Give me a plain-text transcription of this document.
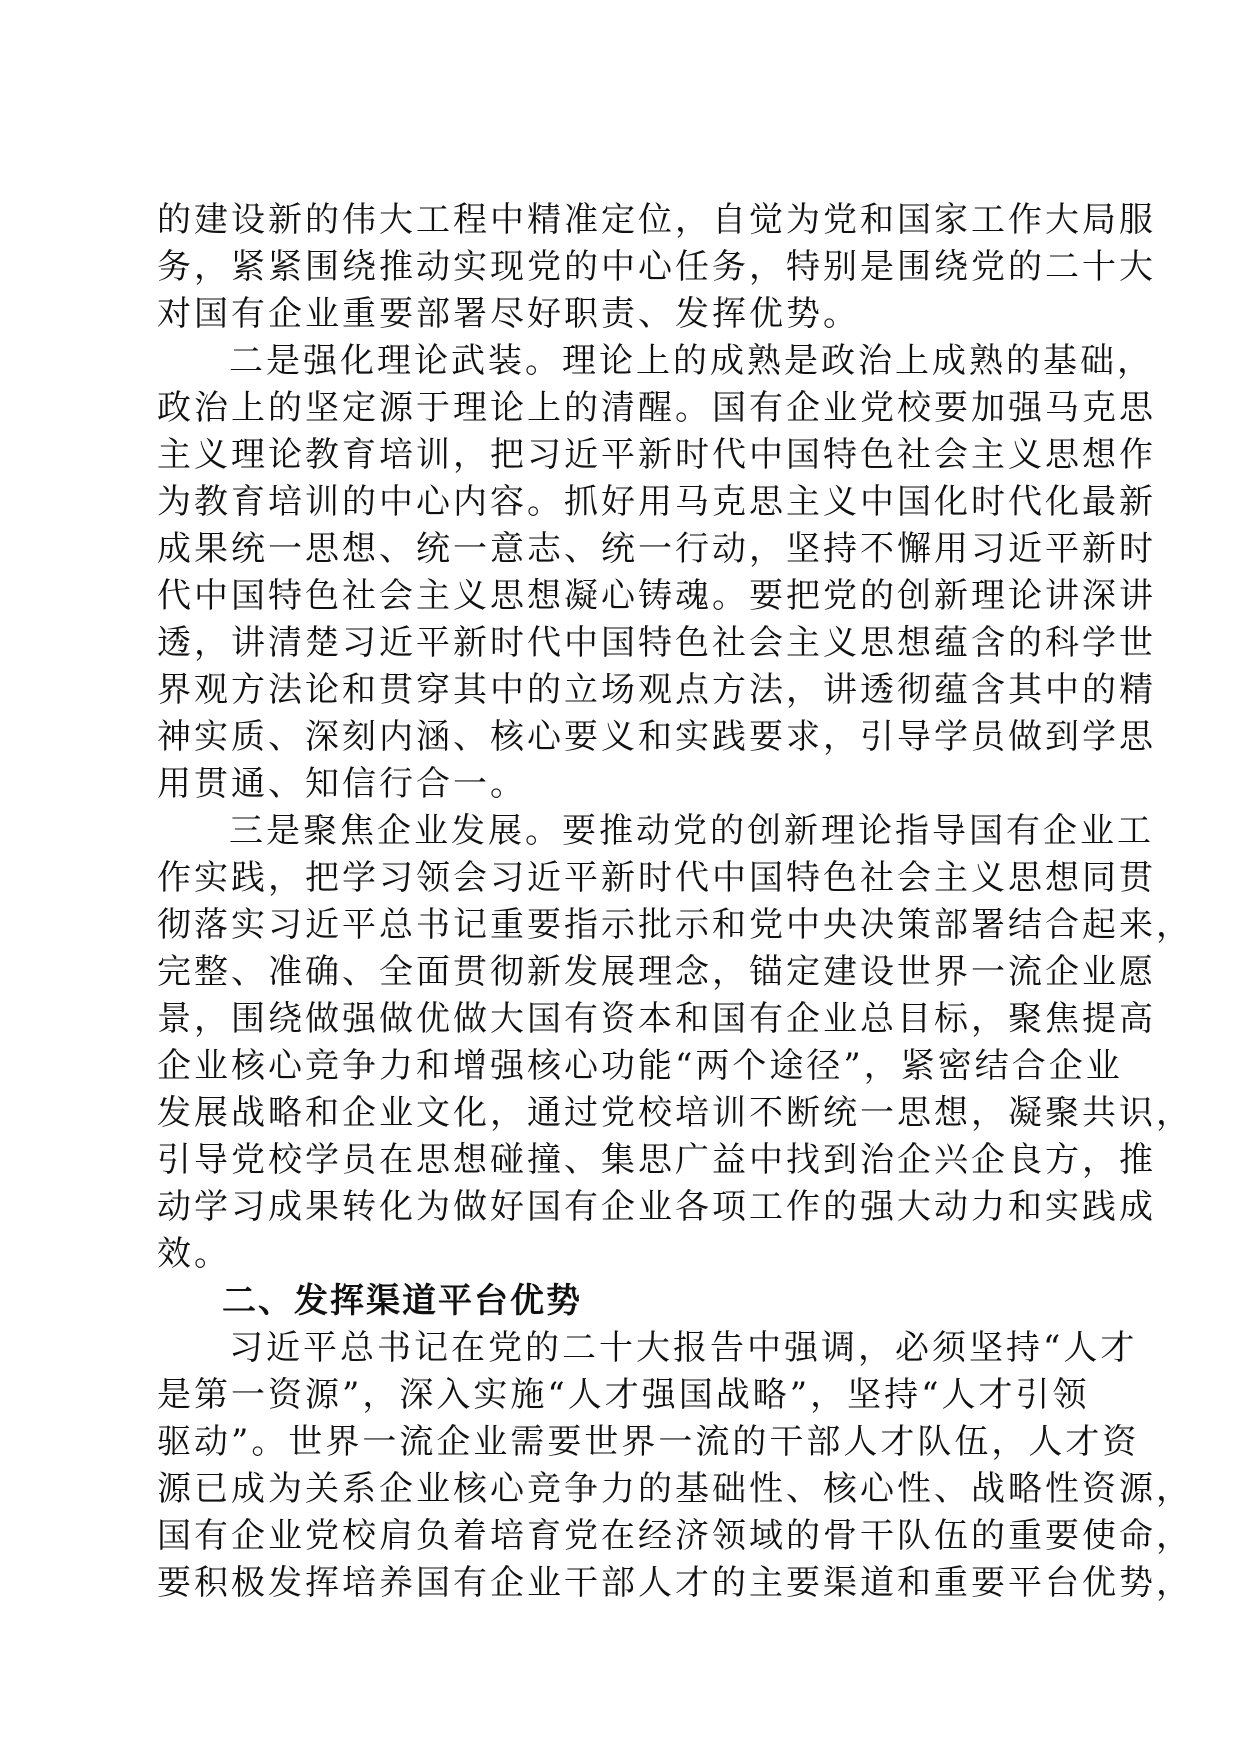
的建设新的伟大工程中精准定位，自觉为党和国家工作大局服
务，紧紧围绕推动实现党的中心任务，特别是围绕党的二十大
对国有企业重要部署尽好职责、发挥优势。
二是强化理论武装。理论上的成熟是政治上成熟的基础，
政治上的坚定源于理论上的清醒。国有企业党校要加强马克思
主义理论教育培训，把习近平新时代中国特色社会主义思想作
为教育培训的中心内容。抓好用马克思主义中国化时代化最新
成果统一思想、统一意志、统一行动，坚持不懈用习近平新时
代中国特色社会主义思想凝心铸魂。要把党的创新理论讲深讲
透，讲清楚习近平新时代中国特色社会主义思想蕴含的科学世
界观方法论和贯穿其中的立场观点方法，讲透彻蕴含其中的精
神实质、深刻内涵、核心要义和实践要求，引导学员做到学思
用贯通、知信行合一。
三是聚焦企业发展。要推动党的创新理论指导国有企业工
作实践，把学习领会习近平新时代中国特色社会主义思想同贯
彻落实习近平总书记重要指示批示和党中央决策部署结合起来，
完整、准确、全面贯彻新发展理念，锚定建设世界一流企业愿
景，围绕做强做优做大国有资本和国有企业总目标，聚焦提高
企业核心竞争力和增强核心功能“两个途径”，紧密结合企业
发展战略和企业文化，通过党校培训不断统一思想，凝聚共识，
引导党校学员在思想碰撞、集思广益中找到治企兴企良方，推
动学习成果转化为做好国有企业各项工作的强大动力和实践成
效。
二、发挥渠道平台优势
习近平总书记在党的二十大报告中强调，必须坚持“人才
是第一资源”，深入实施“人才强国战略”，坚持“人才引领
驱动”。世界一流企业需要世界一流的干部人才队伍，人才资
源已成为关系企业核心竞争力的基础性、核心性、战略性资源，
国有企业党校肩负着培育党在经济领域的骨干队伍的重要使命，
要积极发挥培养国有企业干部人才的主要渠道和重要平台优势，
